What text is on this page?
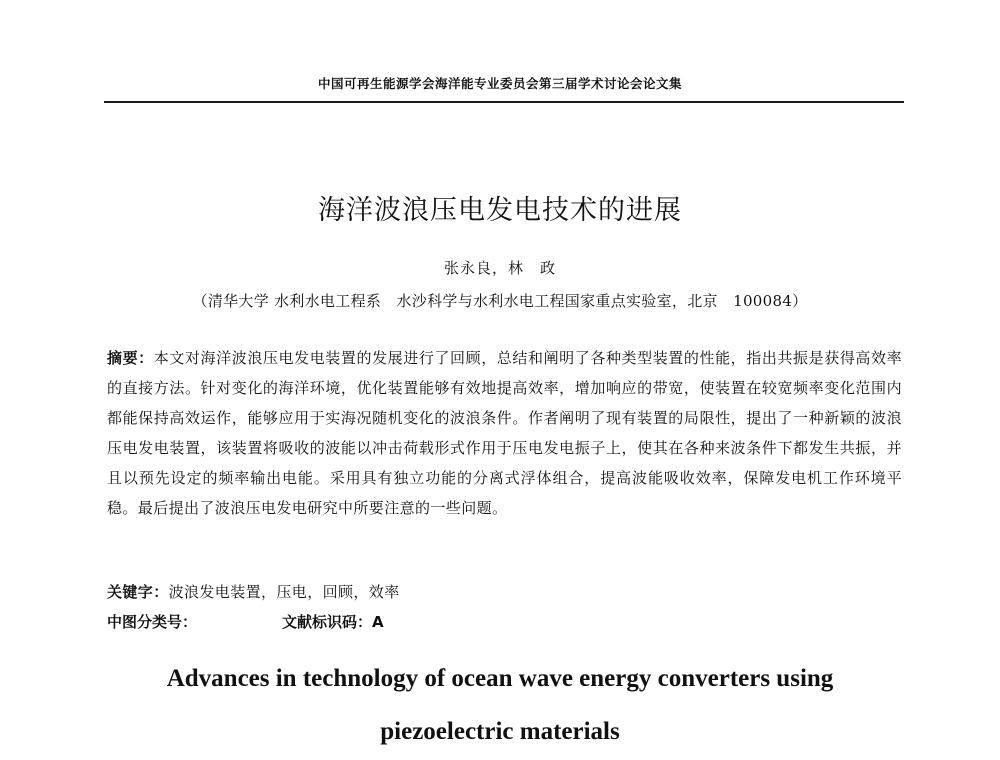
中国可再生能源学会海洋能专业委员会第三届学术讨论会论文集
海洋波浪压电发电技术的进展
张永良，林　政
（清华大学 水利水电工程系　水沙科学与水利水电工程国家重点实验室，北京　100084）
摘要：本文对海洋波浪压电发电装置的发展进行了回顾，总结和阐明了各种类型装置的性能，指出共振是获得高效率的直接方法。针对变化的海洋环境，优化装置能够有效地提高效率，增加响应的带宽，使装置在较宽频率变化范围内都能保持高效运作，能够应用于实海况随机变化的波浪条件。作者阐明了现有装置的局限性，提出了一种新颖的波浪压电发电装置，该装置将吸收的波能以冲击荷载形式作用于压电发电振子上，使其在各种来波条件下都发生共振，并且以预先设定的频率输出电能。采用具有独立功能的分离式浮体组合，提高波能吸收效率，保障发电机工作环境平稳。最后提出了波浪压电发电研究中所要注意的一些问题。
关键字：波浪发电装置，压电，回顾，效率
中图分类号：	文献标识码：A
Advances in technology of ocean wave energy converters using
piezoelectric materials
